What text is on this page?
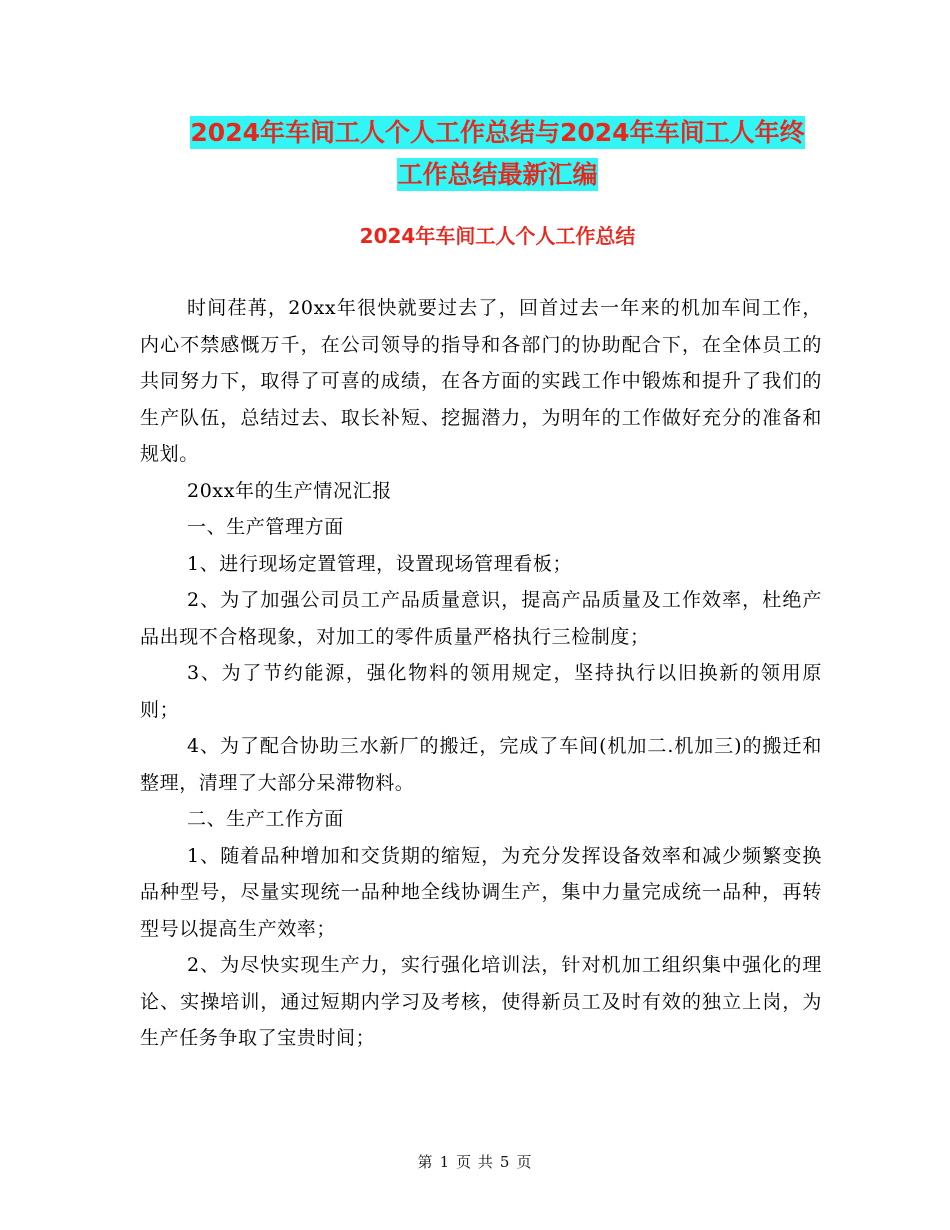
2024年车间工人个人工作总结与2024年车间工人年终
工作总结最新汇编
2024年车间工人个人工作总结

时间荏苒，20xx年很快就要过去了，回首过去一年来的机加车间工作，内心不禁感慨万千，在公司领导的指导和各部门的协助配合下，在全体员工的共同努力下，取得了可喜的成绩，在各方面的实践工作中锻炼和提升了我们的生产队伍，总结过去、取长补短、挖掘潜力，为明年的工作做好充分的准备和规划。

20xx年的生产情况汇报

一、生产管理方面

1、进行现场定置管理，设置现场管理看板；

2、为了加强公司员工产品质量意识，提高产品质量及工作效率，杜绝产品出现不合格现象，对加工的零件质量严格执行三检制度；

3、为了节约能源，强化物料的领用规定，坚持执行以旧换新的领用原则；

4、为了配合协助三水新厂的搬迁，完成了车间(机加二.机加三)的搬迁和整理，清理了大部分呆滞物料。

二、生产工作方面

1、随着品种增加和交货期的缩短，为充分发挥设备效率和减少频繁变换品种型号，尽量实现统一品种地全线协调生产，集中力量完成统一品种，再转型号以提高生产效率；

2、为尽快实现生产力，实行强化培训法，针对机加工组织集中强化的理论、实操培训，通过短期内学习及考核，使得新员工及时有效的独立上岗，为生产任务争取了宝贵时间；

第 1 页 共 5 页
